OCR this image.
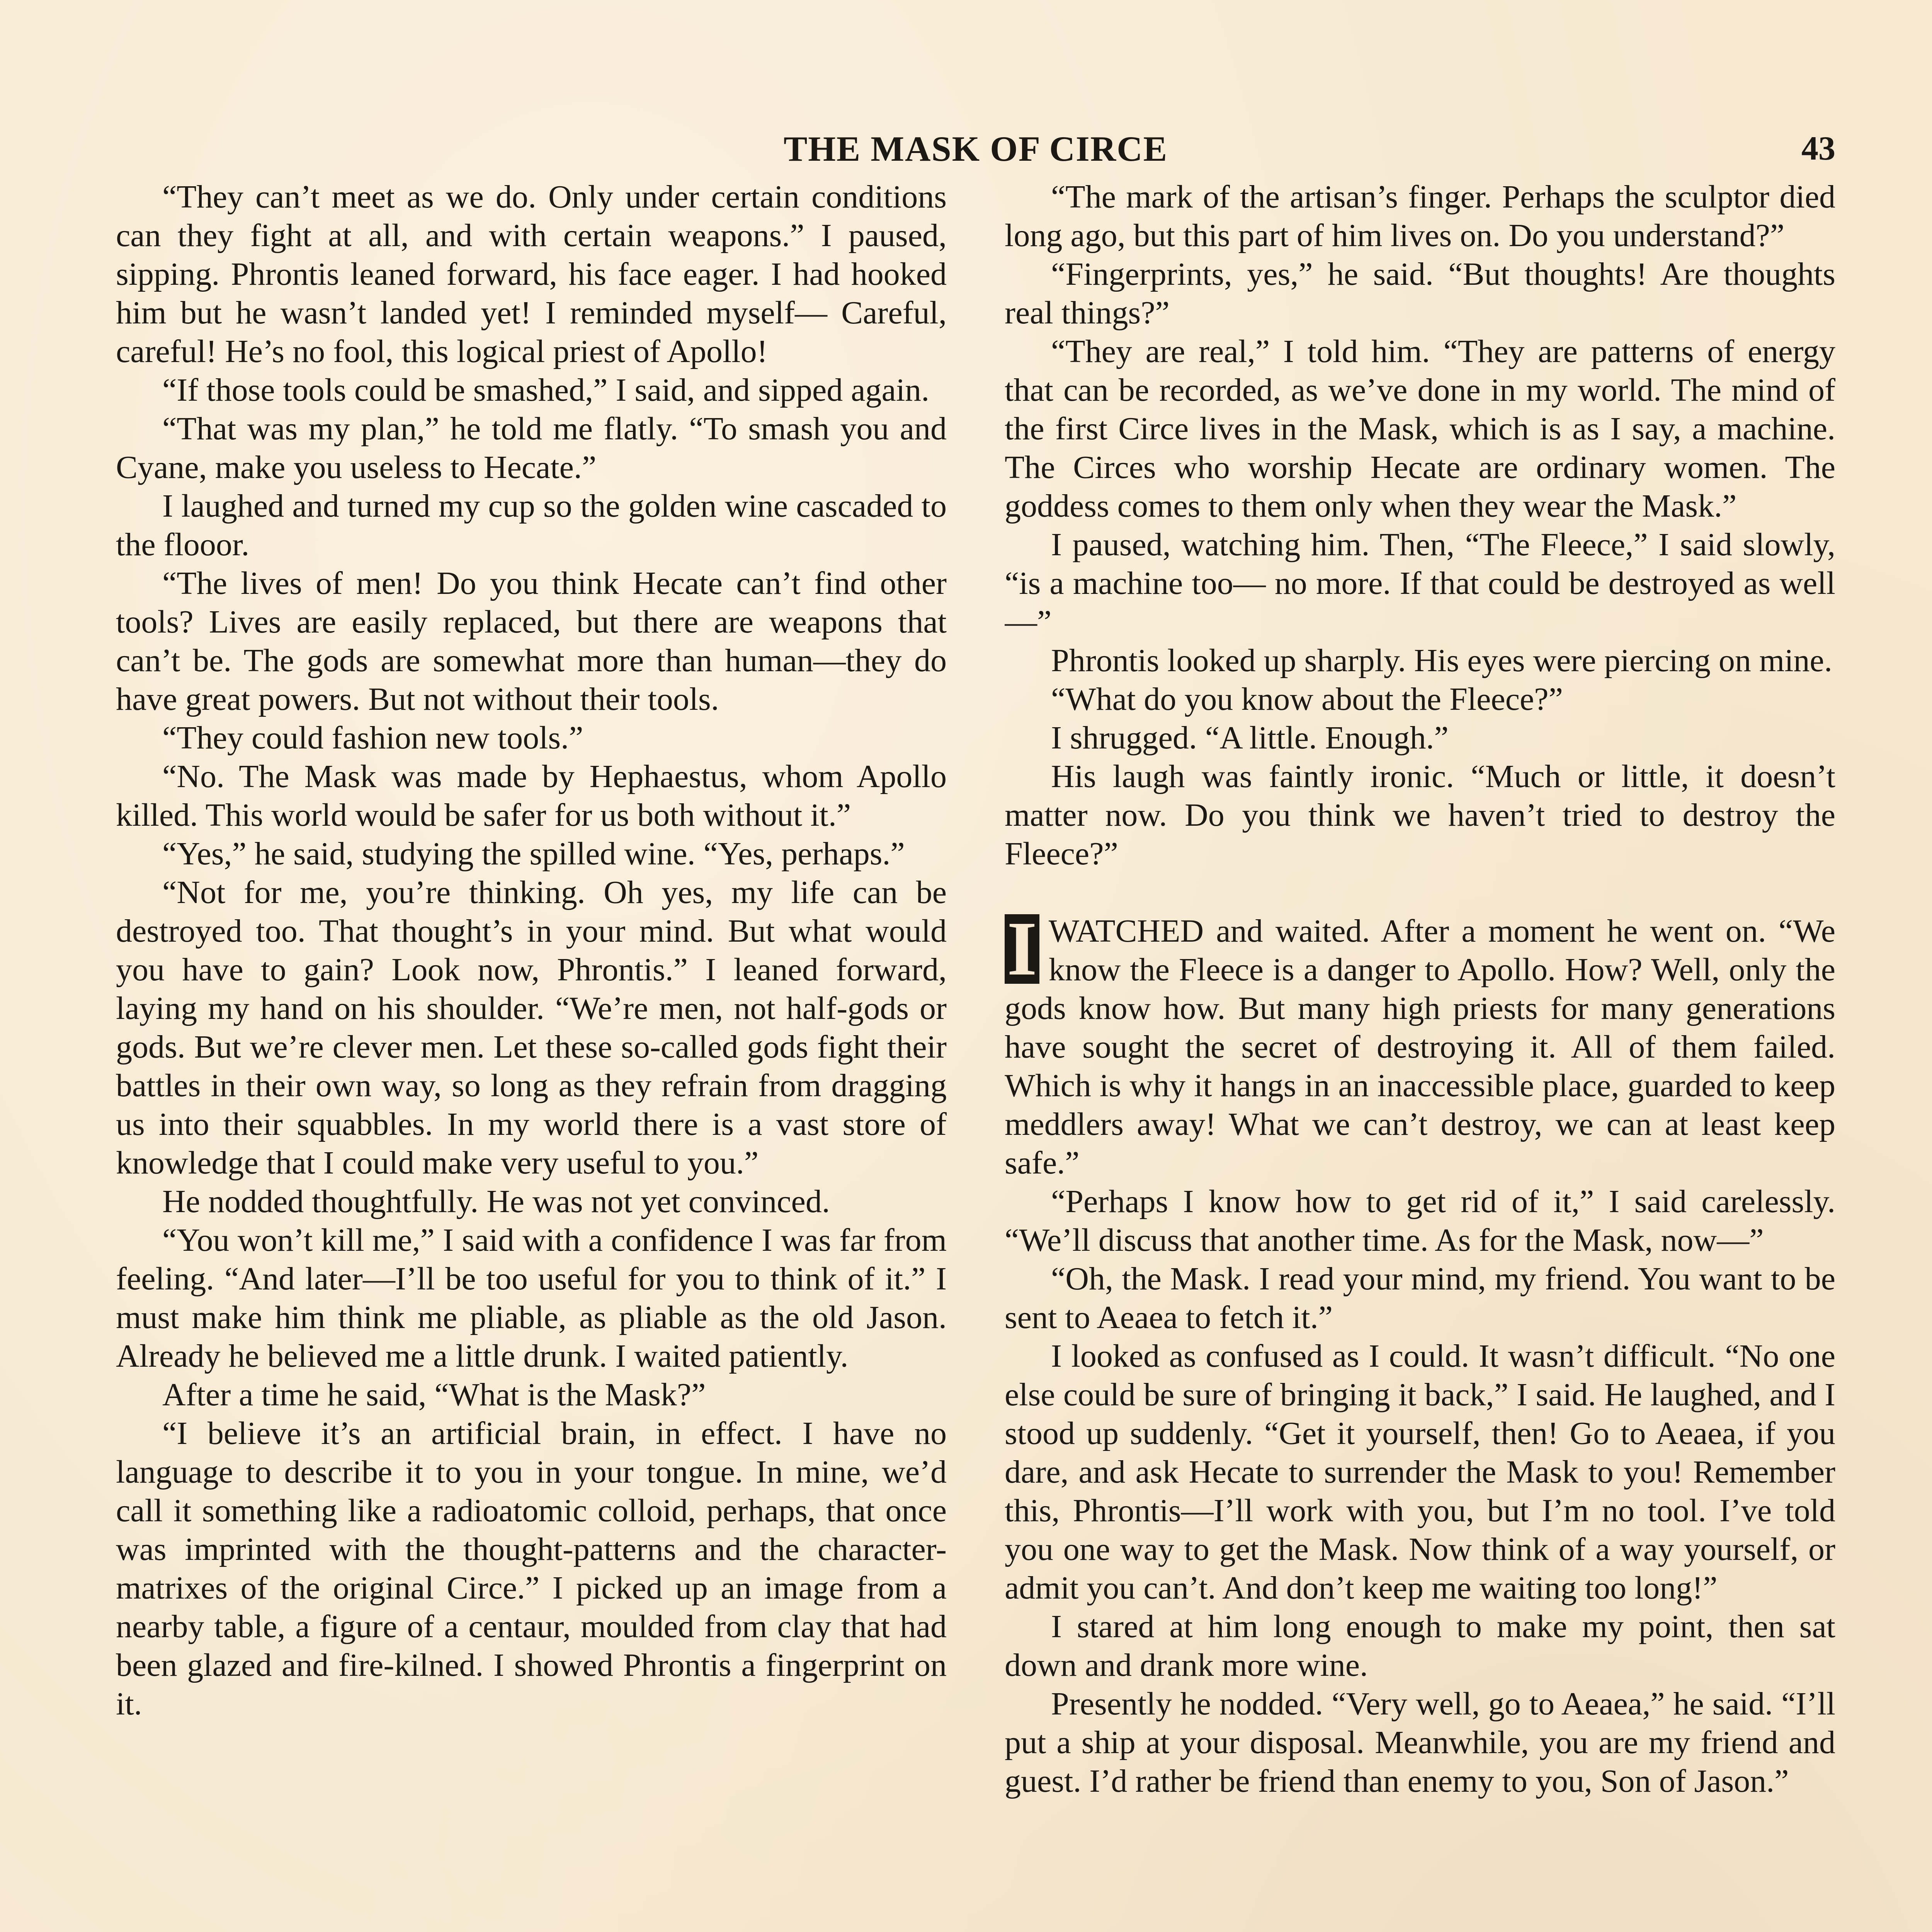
THE MASK OF CIRCE	43

“They can’t meet as we do. Only under certain conditions can they fight at all, and with certain weapons.” I paused, sipping. Phrontis leaned forward, his face eager. I had hooked him but he wasn’t landed yet! I reminded myself— Careful, careful! He’s no fool, this logical priest of Apollo!

“If those tools could be smashed,” I said, and sipped again.

“That was my plan,” he told me flatly. “To smash you and Cyane, make you useless to Hecate.”

I laughed and turned my cup so the golden wine cascaded to the flooor.

“The lives of men! Do you think Hecate can’t find other tools? Lives are easily replaced, but there are weapons that can’t be. The gods are somewhat more than human—they do have great powers. But not without their tools.

“They could fashion new tools.”

“No. The Mask was made by Hephaestus, whom Apollo killed. This world would be safer for us both without it.”

“Yes,” he said, studying the spilled wine. “Yes, perhaps.”

“Not for me, you’re thinking. Oh yes, my life can be destroyed too. That thought’s in your mind. But what would you have to gain? Look now, Phrontis.” I leaned forward, laying my hand on his shoulder. “We’re men, not half-gods or gods. But we’re clever men. Let these so-called gods fight their battles in their own way, so long as they refrain from dragging us into their squabbles. In my world there is a vast store of knowledge that I could make very useful to you.”

He nodded thoughtfully. He was not yet convinced.

“You won’t kill me,” I said with a confidence I was far from feeling. “And later—I’ll be too useful for you to think of it.” I must make him think me pliable, as pliable as the old Jason. Already he believed me a little drunk. I waited patiently.

After a time he said, “What is the Mask?”

“I believe it’s an artificial brain, in effect. I have no language to describe it to you in your tongue. In mine, we’d call it something like a radioatomic colloid, perhaps, that once was imprinted with the thought-patterns and the character-matrixes of the original Circe.” I picked up an image from a nearby table, a figure of a centaur, moulded from clay that had been glazed and fire-kilned. I showed Phrontis a fingerprint on it.

“The mark of the artisan’s finger. Perhaps the sculptor died long ago, but this part of him lives on. Do you understand?”

“Fingerprints, yes,” he said. “But thoughts! Are thoughts real things?”

“They are real,” I told him. “They are patterns of energy that can be recorded, as we’ve done in my world. The mind of the first Circe lives in the Mask, which is as I say, a machine. The Circes who worship Hecate are ordinary women. The goddess comes to them only when they wear the Mask.”

I paused, watching him. Then, “The Fleece,” I said slowly, “is a machine too— no more. If that could be destroyed as well—”

Phrontis looked up sharply. His eyes were piercing on mine.

“What do you know about the Fleece?”

I shrugged. “A little. Enough.”

His laugh was faintly ironic. “Much or little, it doesn’t matter now. Do you think we haven’t tried to destroy the Fleece?”

I WATCHED and waited. After a moment he went on. “We know the Fleece is a danger to Apollo. How? Well, only the gods know how. But many high priests for many generations have sought the secret of destroying it. All of them failed. Which is why it hangs in an inaccessible place, guarded to keep meddlers away! What we can’t destroy, we can at least keep safe.”

“Perhaps I know how to get rid of it,” I said carelessly. “We’ll discuss that another time. As for the Mask, now—”

“Oh, the Mask. I read your mind, my friend. You want to be sent to Aeaea to fetch it.”

I looked as confused as I could. It wasn’t difficult. “No one else could be sure of bringing it back,” I said. He laughed, and I stood up suddenly. “Get it yourself, then! Go to Aeaea, if you dare, and ask Hecate to surrender the Mask to you! Remember this, Phrontis—I’ll work with you, but I’m no tool. I’ve told you one way to get the Mask. Now think of a way yourself, or admit you can’t. And don’t keep me waiting too long!”

I stared at him long enough to make my point, then sat down and drank more wine.

Presently he nodded. “Very well, go to Aeaea,” he said. “I’ll put a ship at your disposal. Meanwhile, you are my friend and guest. I’d rather be friend than enemy to you, Son of Jason.”
